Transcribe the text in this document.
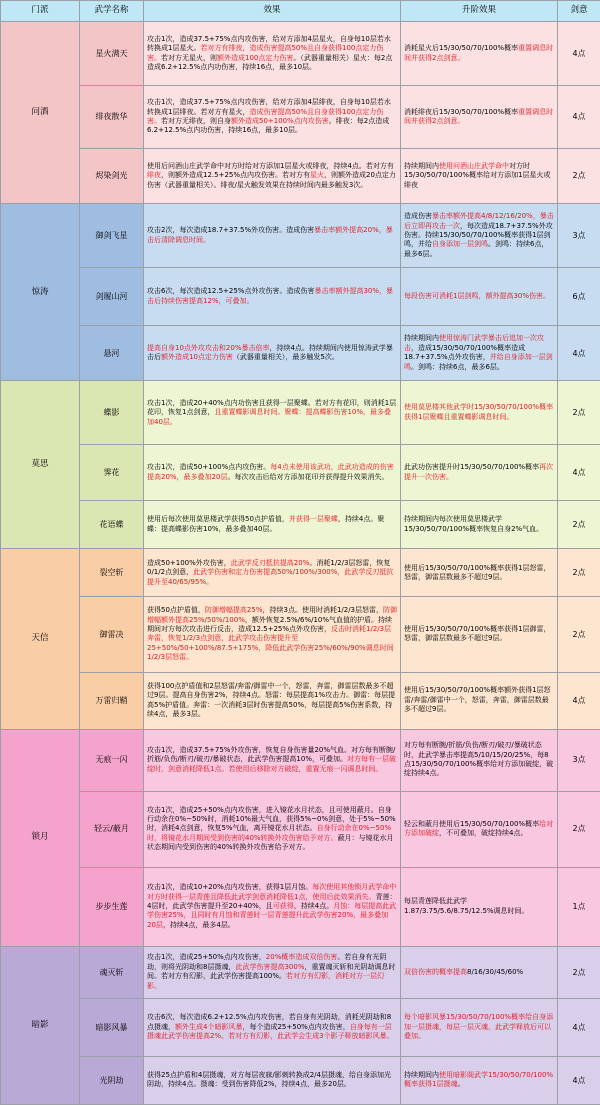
门派	武学名称	效果	升阶效果	剑意
问酒	星火满天	攻击1次，造成37.5+75%点内攻伤害，给对方添加4层星火，自身每10层若水转换成1层星火。若对方有排夜，造成伤害提高50%且自身获得100点定力伤害。若对方无星火，则额外造成100点定力伤害。（武器重量相关）星火：每2点造成6.2+12.5%点内功伤害，持续16点，最多10层。	消耗星火后15/30/50/70/100%概率重置调息时间并获得2点剑意。	4点
	绯夜散华	攻击1次，造成37.5+75%点内攻伤害，给对方添加4层绯夜，自身每10层若水转换成1层绯夜。若对方有星火，造成伤害提高50%且自身获得100点定力伤害。若对方无绯夜，则自身额外造成50+100%点内攻伤害。绯夜：每2点造成6.2+12.5%点内功伤害，持续16点，最多10层。	消耗绯夜后15/30/50/70/100%概率重置调息时间并获得2点剑意。	4点
	烬染剑光	使用后问酒山庄武学命中对方时给对方添加1层星火或绯夜，持续4点。若对方有绯夜，则额外造成12.5+25%点内攻伤害。若对方有星火，则额外造成20点定力伤害（武器重量相关）。绯夜/星火触发效果在持续时间内最多触发3次。	持续期间内使用问酒山庄武学命中对方时15/30/50/70/100%概率给对方添加1层星火或绯夜	2点
惊涛	御剑飞星	攻击2次，每次造成18.7+37.5%外攻伤害。造成伤害暴击率额外提高20%，暴击后清除调息时间。	造成伤害暴击率额外提高4/8/12/16/20%，暴击后立即再攻击一次，每次造成18.7+37.5%外攻伤害。持续15/30/50/70/100%概率获得1层剑鸣，并给自身添加一层剑鸣。剑鸣：持续6点，最多6层。	3点
	剑履山河	攻击6次，每次造成12.5+25%点外攻伤害。造成伤害暴击率额外提高30%，暴击后持续伤害提高12%，可叠加。	每段伤害可消耗1层剑鸣，额外提高30%伤害。	6点
	悬河	提高自身10点外攻攻击和20%暴击倍率，持续4点。持续期间内使用惊涛武学暴击后额外造成10点定力伤害（武器重量相关），最多触发5次。	持续期间内使用惊涛门武学暴击后追加一次攻击，造成15/30/50/70/100%概率造成18.7+37.5%点外攻伤害，并给自身添加一层剑鸣。剑鸣：持续6点，最多6层。	4点
莫思	蝶影	攻击1次，造成20+40%点内功伤害且获得一层聚蝶。若对方有花印，则消耗1层花印，恢复1点剑意，且重置蝶影调息时间。聚蝶：提高蝶影伤害10%，最多叠加40层。	使用莫思楼其他武学时15/30/50/70/100%概率获得1层聚蝶且重置蝶影调息时间。	2点
	霁花	攻击1次，造成50+100%点内攻伤害。每4点未使用该武功，此武功造成的伤害提高20%，最多叠加20层。每次攻击后给对方添加花印并获得提升效果消失。	此武功伤害提升时15/30/50/70/100%概率再次提升一次伤害。	4点
	花语蝶	使用后每次使用莫思楼武学获得50点护盾值，并获得一层聚蝶，持续4点。聚蝶：提高蝶影伤害10%，最多叠加40层。	持续期间内每次使用莫思楼武学15/30/50/70/100%概率恢复自身2%气血。	2点
天信	裂空斩	造成50+100%外攻伤害，此武学反刃抵抗提高20%。消耗1/2/3层怒雷，恢复0/1/2点剑意，此武学伤害和定力伤害提高50%/100%/300%，此武学反刃抵抗提升至40/65/95%。	使用后15/30/50/70/100%概率获得1层怒雷，怒雷，御雷层数最多不超过9层。	2点
	御雷决	获得50点护盾值，防御增幅提高25%，持续3点。使用时消耗1/2/3层怒雷，防御增幅额外提高25%/50%/100%，额外恢复2.5%/6%/10%气血值的护盾。持续期间对方每次攻击进行反击，造成12.5+25%点外攻伤害，反击时消耗1/2/3层奔雷，恢复1/2/3点剑意，此武学攻击伤害提升至25+50%/50+100%/87.5+175%，降低此武学伤害25%/60%/90%调息时间1/2/3层怒雷。	使用后15/30/50/70/100%概率获得1层御雷，怒雷，御雷层数最多不超过9层。	2点
	万雷归鞘	获得100点护盾值和2层怒雷/奔雷/御雷中一个，怒雷，奔雷，御雷层数最多不超过9层。提高自身伤害2%，持续4点。怒雷：每层提高1%攻击力。御雷：每层提高5%护盾值。奔雷：一次消耗3层时伤害提高50%，每层提高5%伤害系数，持续4点，最多3层。	使用后15/30/50/70/100%概率额外获得1层怒雷/奔雷/御雷中一个，怒雷，奔雷，御雷层数最多不超过9层。	4点
锁月	无痕一闪	攻击1次，造成37.5+75%外攻伤害，恢复自身伤害量20%气血。对方每有断腕/折筋/负伤/断刃/破刃/暴破状态，此武学伤害提高10%，可叠加。对方每有一层破绽时，剑意消耗降低1点。若使用后移除对方破绽，重置无痕一闪调息时间。	对方每有断腕/折筋/负伤/断刃/破刃/暴破状态时，此武学暴击率提高5/10/15/20/25%，每8点15/30/50/70/100%概率给对方添加破绽，破绽持续4点。	3点
	轻云/蔽月	攻击1次，造成25+50%点内攻伤害，进入镜花水月状态，且可使用蔽月。自身行动余在0%~50%时，消耗10%最大气血，获得5%~0%剑意，处于5%~50%时，消耗4点剑意，恢复5%气血，离开镜花水月状态。自身行动余在0%~50%时，将镜花水月期间受到伤害的40%转换外攻伤害给予对方。蔽月：与镜花水月状态期间内受到伤害的40%转换外攻伤害给予对方。	轻云和蔽月使用后15/30/50/70/100%概率给对方添加破绽，不可叠加，破绽持续4点。	2点
	步步生莲	攻击1次，造成10+20%点内攻伤害，获得1层月蚀。每次使用其他锁月武学命中对方时获得一层青莲且降低此武学剑意消耗降低1点，使用后此效果消失。青莲：4层时，此武学伤害提升至20+40%，且可获得，持续4点。月蚀：每层提高此武学伤害25%，且同时有月蚀和青莲时一层青莲提升此武学伤害20%，最多叠加20层，持续4点，最多4层。	每层青莲降低此武学1.87/3.75/5.6/8.75/12.5%调息时间。	1点
暗影	魂灭斩	攻击1次，造成25+50%点内攻伤害，20%概率造成双倍伤害。若自身有光阴劫，则将光阴劫和8层摄魂，此武学伤害提高300%，重置魂灭斩和光阴劫调息时间。若对方有幻影，此武学伤害提高100%。若对方有幻影，消耗对方一层幻影。	双倍伤害的概率提高8/16/30/45/60%	2点
	暗影风暴	攻击6次，每次造成6.2+12.5%点内攻伤害，若自身有光阴劫，消耗光阴劫和8点摄魂，额外生成4个暗影风暴，每个造成25+50%点内攻伤害，自身每有一层摄魂此武学伤害提高2%。若对方有幻影，此武学会生成3个影子释放暗影风暴。	每个暗影风暴15/30/50/70/100%概率给自身添加一层摄魂，每层一层灭魂，此武学释放后可以叠加。	4点
	光阴劫	获得25点护盾和4层摄魂，对方每层夜寐/影刺转换成2/4层摄魂，给自身添加光阴劫，持续4点。摄魂：受到伤害降低2%，持续4点，最多20层。	持续期间内使用暗影阁武学15/30/50/70/100%概率获得1层摄魂。	4点
